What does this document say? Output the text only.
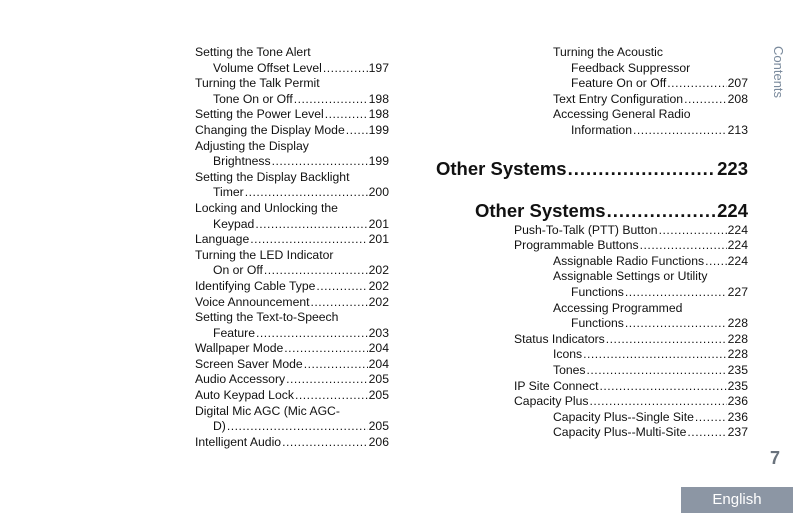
Setting the Tone Alert
Volume Offset Level .....	197
Turning the Talk Permit
Tone On or Off .....	198
Setting the Power Level .....	198
Changing the Display Mode ..... 199
Adjusting the Display
Brightness .....	199
Setting the Display Backlight
Timer .....	200
Locking and Unlocking the
Keypad .....	201
Language .....	201
Turning the LED Indicator
On or Off .....	202
Identifying Cable Type .....	202
Voice Announcement .....	202
Setting the Text-to-Speech
Feature .....	203
Wallpaper Mode .....	204
Screen Saver Mode .....	204
Audio Accessory .....	205
Auto Keypad Lock .....	205
Digital Mic AGC (Mic AGC-
D) .....	205
Intelligent Audio .....	206
Turning the Acoustic
Feedback Suppressor
Feature On or Off .....	207
Text Entry Configuration .....	208
Accessing General Radio
Information .....	213
Other Systems .....	223
Other Systems .....	224
Push-To-Talk (PTT) Button .....	224
Programmable Buttons .....	224
Assignable Radio Functions ..... 224
Assignable Settings or Utility
Functions .....	227
Accessing Programmed
Functions .....	228
Status Indicators .....	228
Icons .....	228
Tones .....	235
IP Site Connect .....	235
Capacity Plus .....	236
Capacity Plus--Single Site .....	236
Capacity Plus--Multi-Site .....	237
Contents
7
English
